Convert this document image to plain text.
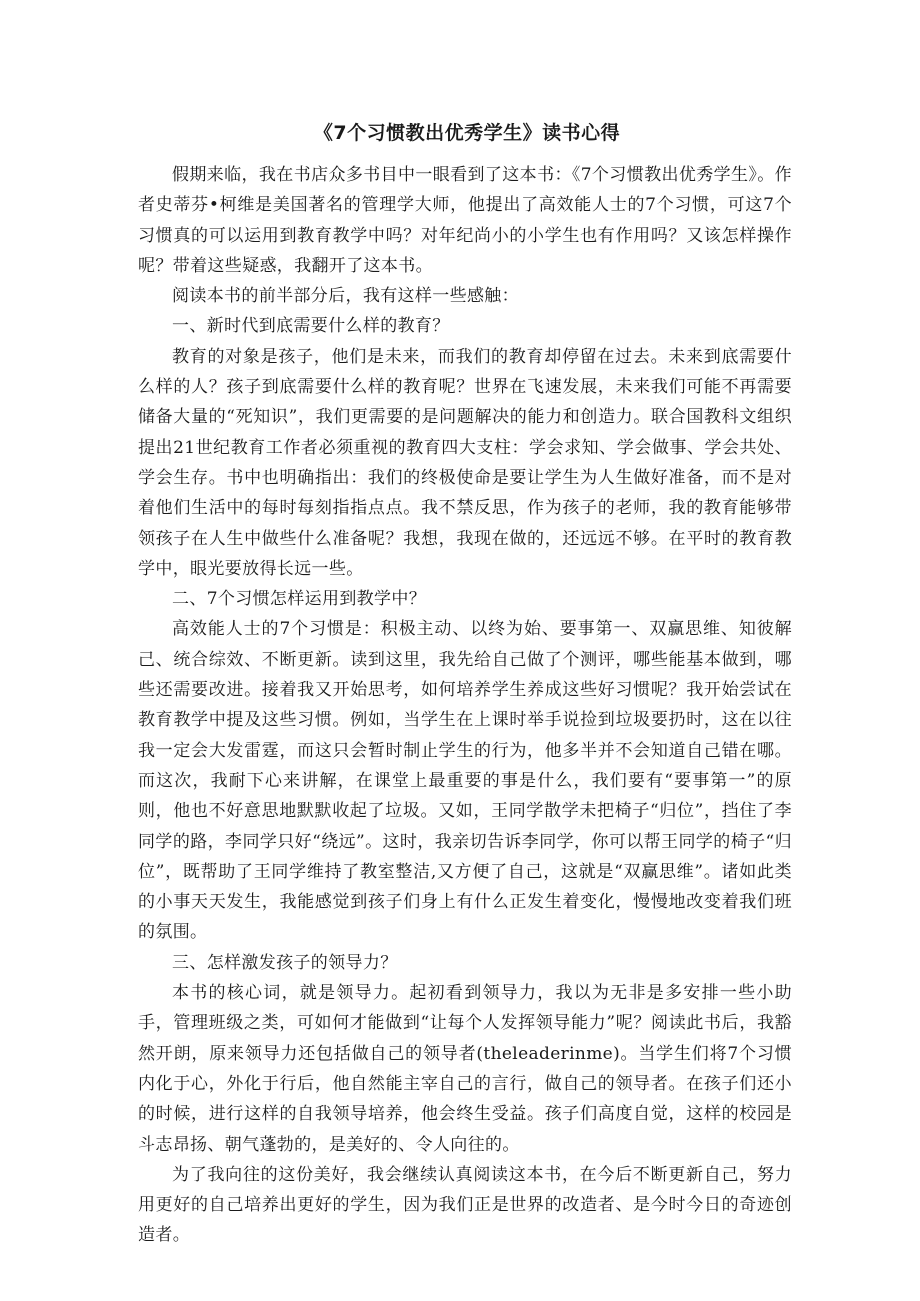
《7个习惯教出优秀学生》读书心得

假期来临，我在书店众多书目中一眼看到了这本书：《7个习惯教出优秀学生》。作者史蒂芬•柯维是美国著名的管理学大师，他提出了高效能人士的7个习惯，可这7个习惯真的可以运用到教育教学中吗？对年纪尚小的小学生也有作用吗？又该怎样操作呢？带着这些疑惑，我翻开了这本书。

阅读本书的前半部分后，我有这样一些感触：

一、新时代到底需要什么样的教育？

教育的对象是孩子，他们是未来，而我们的教育却停留在过去。未来到底需要什么样的人？孩子到底需要什么样的教育呢？世界在飞速发展，未来我们可能不再需要储备大量的“死知识”，我们更需要的是问题解决的能力和创造力。联合国教科文组织提出21世纪教育工作者必须重视的教育四大支柱：学会求知、学会做事、学会共处、学会生存。书中也明确指出：我们的终极使命是要让学生为人生做好准备，而不是对着他们生活中的每时每刻指指点点。我不禁反思，作为孩子的老师，我的教育能够带领孩子在人生中做些什么准备呢？我想，我现在做的，还远远不够。在平时的教育教学中，眼光要放得长远一些。

二、7个习惯怎样运用到教学中？

高效能人士的7个习惯是：积极主动、以终为始、要事第一、双赢思维、知彼解己、统合综效、不断更新。读到这里，我先给自己做了个测评，哪些能基本做到，哪些还需要改进。接着我又开始思考，如何培养学生养成这些好习惯呢？我开始尝试在教育教学中提及这些习惯。例如，当学生在上课时举手说捡到垃圾要扔时，这在以往我一定会大发雷霆，而这只会暂时制止学生的行为，他多半并不会知道自己错在哪。而这次，我耐下心来讲解，在课堂上最重要的事是什么，我们要有“要事第一”的原则，他也不好意思地默默收起了垃圾。又如，王同学散学未把椅子“归位”，挡住了李同学的路，李同学只好“绕远”。这时，我亲切告诉李同学，你可以帮王同学的椅子“归位”，既帮助了王同学维持了教室整洁,又方便了自己，这就是“双赢思维”。诸如此类的小事天天发生，我能感觉到孩子们身上有什么正发生着变化，慢慢地改变着我们班的氛围。

三、怎样激发孩子的领导力？

本书的核心词，就是领导力。起初看到领导力，我以为无非是多安排一些小助手，管理班级之类，可如何才能做到“让每个人发挥领导能力”呢？阅读此书后，我豁然开朗，原来领导力还包括做自己的领导者(theleaderinme)。当学生们将7个习惯内化于心，外化于行后，他自然能主宰自己的言行，做自己的领导者。在孩子们还小的时候，进行这样的自我领导培养，他会终生受益。孩子们高度自觉，这样的校园是斗志昂扬、朝气蓬勃的，是美好的、令人向往的。

为了我向往的这份美好，我会继续认真阅读这本书，在今后不断更新自己，努力用更好的自己培养出更好的学生，因为我们正是世界的改造者、是今时今日的奇迹创造者。
